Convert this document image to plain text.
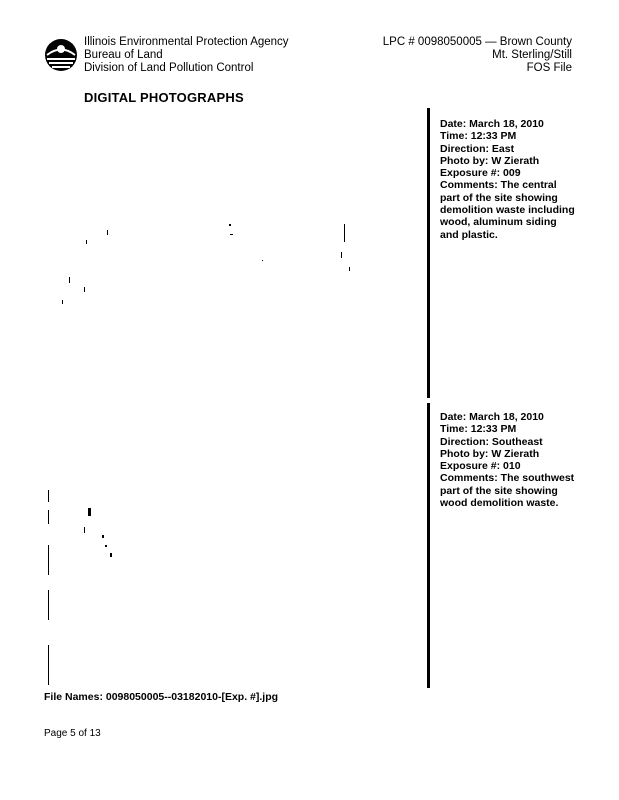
Illinois Environmental Protection Agency
Bureau of Land
Division of Land Pollution Control
LPC # 0098050005 — Brown County
Mt. Sterling/Still
FOS File
DIGITAL PHOTOGRAPHS
Date: March 18, 2010
Time: 12:33 PM
Direction: East
Photo by: W Zierath
Exposure #: 009
Comments: The central part of the site showing demolition waste including wood, aluminum siding and plastic.
Date: March 18, 2010
Time: 12:33 PM
Direction: Southeast
Photo by: W Zierath
Exposure #: 010
Comments: The southwest part of the site showing wood demolition waste.
File Names: 0098050005--03182010-[Exp. #].jpg
Page 5 of 13
